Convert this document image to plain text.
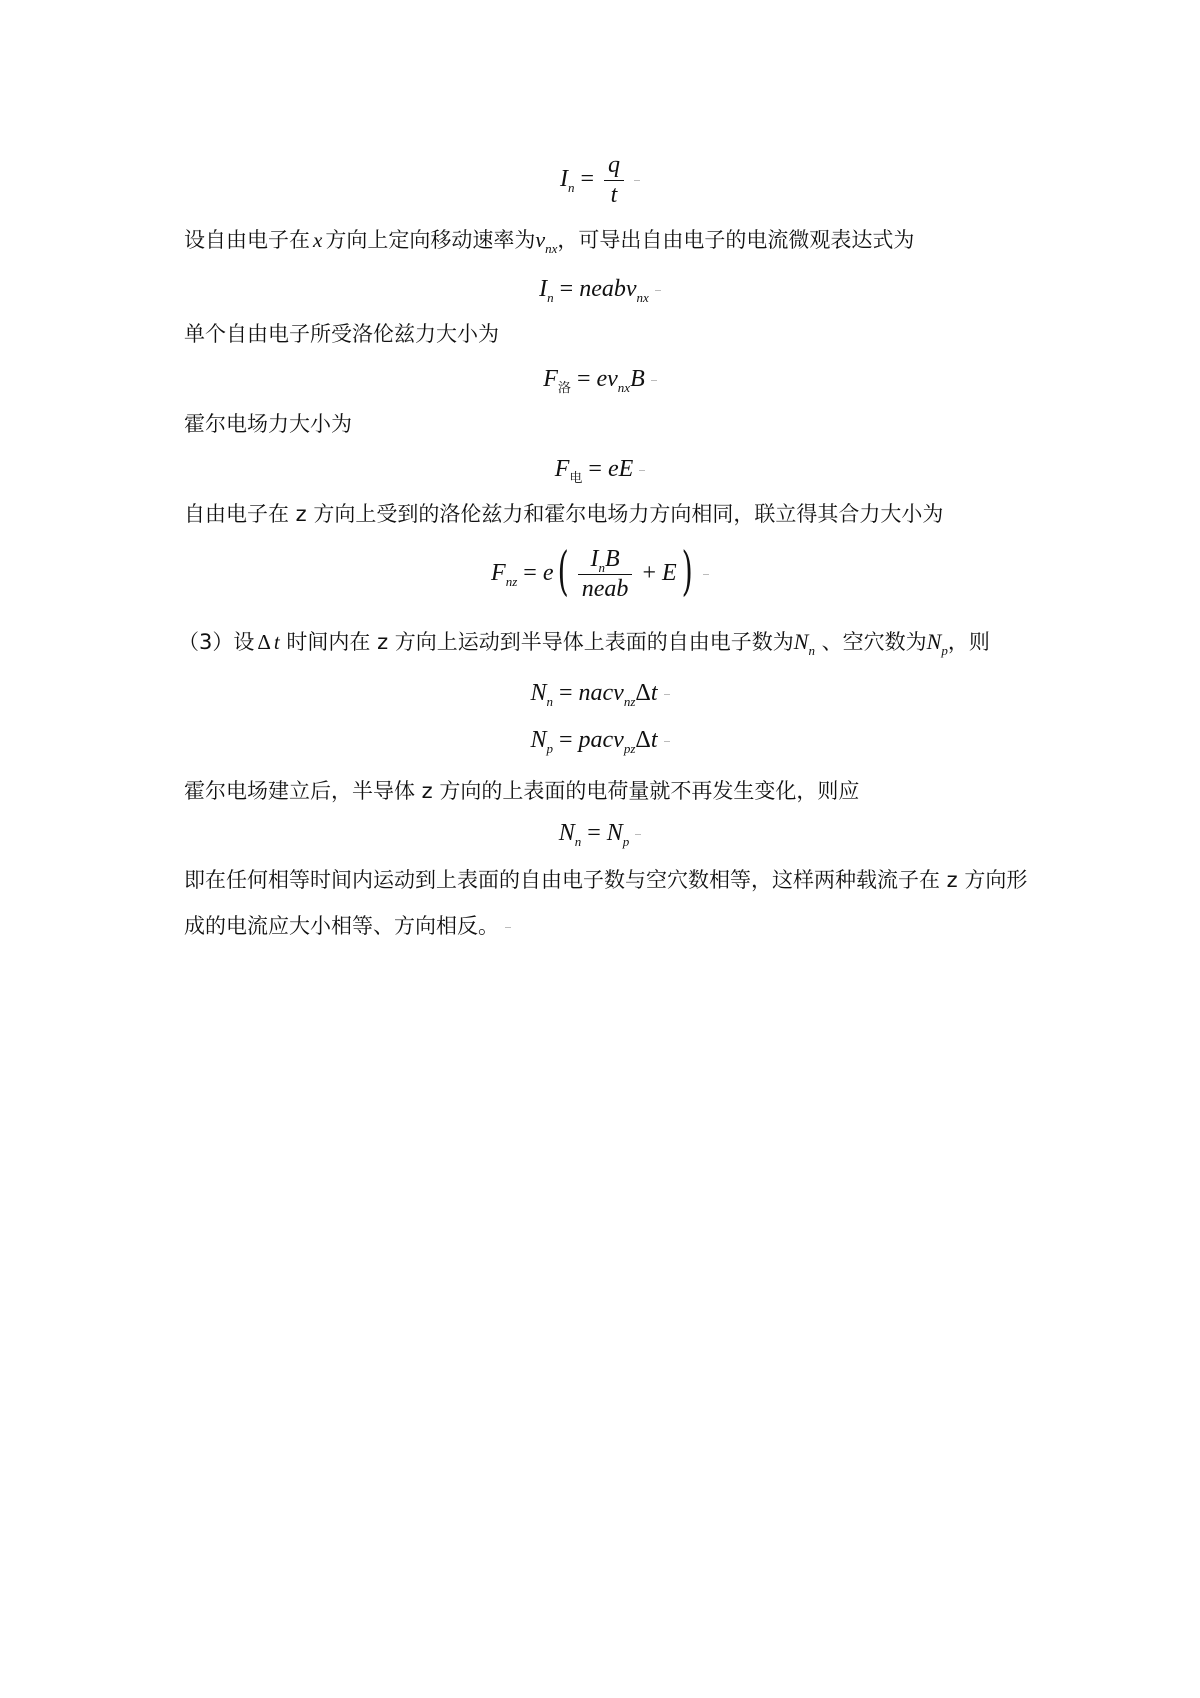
$I_n = \frac{q}{t}$
设自由电子在 x 方向上定向移动速率为$v_{nx}$，可导出自由电子的电流微观表达式为
$I_n$ = neabv$_{nx}$
单个自由电子所受洛伦兹力大小为
$F_洛 = ev_{nx}B$
霍尔电场力大小为
$F_电$ = eE
自由电子在 z 方向上受到的洛伦兹力和霍尔电场力方向相同，联立得其合力大小为
$F_{nz} = e( \frac{I_nB}{\text{neab}} + E)$
（3）设 Δ t 时间内在 z 方向上运动到半导体上表面的自由电子数为$N_n$ 、空穴数为$N_p$，则
$N_n$ = nacv$_{nz}$Δt
$N_p$ = pacv$_{pz}$Δt
霍尔电场建立后，半导体 z 方向的上表面的电荷量就不再发生变化，则应
$N_n = N_p$
即在任何相等时间内运动到上表面的自由电子数与空穴数相等，这样两种载流子在 z 方向形
成的电流应大小相等、方向相反。
